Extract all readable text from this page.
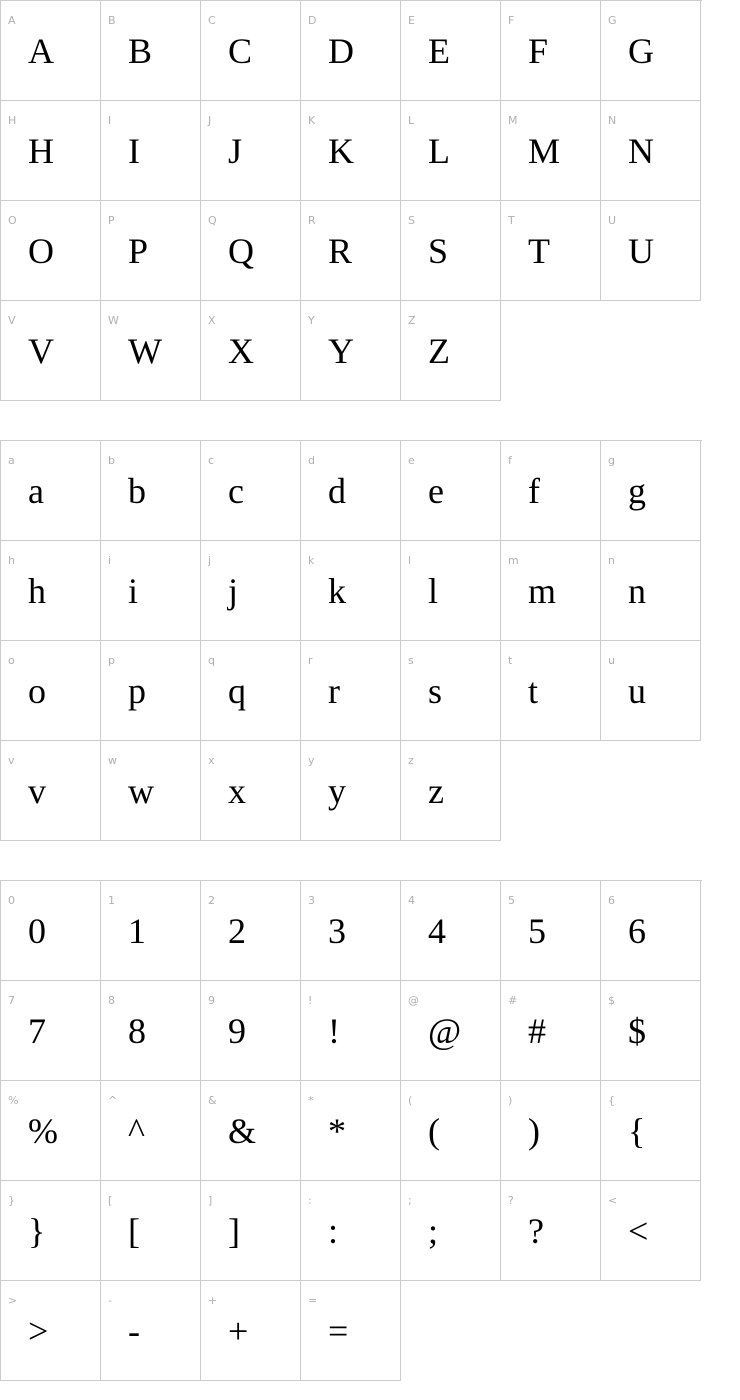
A
A
B
B
C
C
D
D
E
E
F
F
G
G
H
H
I
I
J
J
K
K
L
L
M
M
N
N
O
O
P
P
Q
Q
R
R
S
S
T
T
U
U
V
V
W
W
X
X
Y
Y
Z
Z
a
a
b
b
c
c
d
d
e
e
f
f
g
g
h
h
i
i
j
j
k
k
l
l
m
m
n
n
o
o
p
p
q
q
r
r
s
s
t
t
u
u
v
v
w
w
x
x
y
y
z
z
0
0
1
1
2
2
3
3
4
4
5
5
6
6
7
7
8
8
9
9
!
!
@
@
#
#
$
$
%
%
^
^
&
&
*
*
(
(
)
)
{
{
}
}
[
[
]
]
:
:
;
;
?
?
<
<
>
>
-
-
+
+
=
=
